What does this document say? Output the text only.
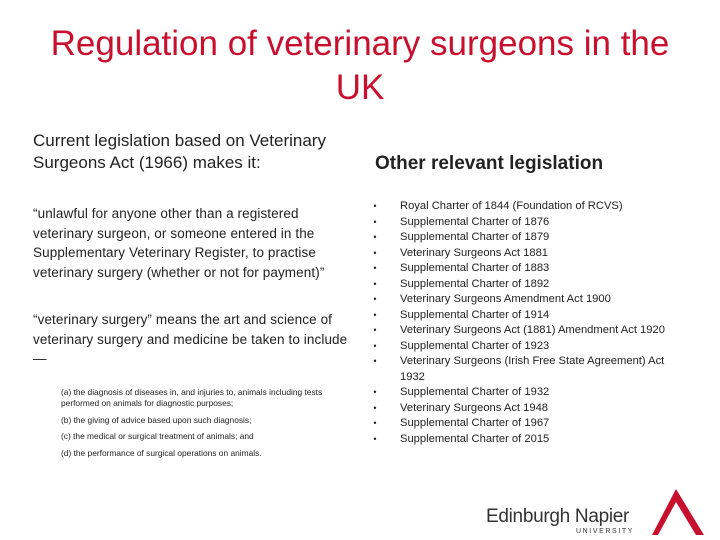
Regulation of veterinary surgeons in the UK

Current legislation based on Veterinary Surgeons Act (1966) makes it:

“unlawful for anyone other than a registered veterinary surgeon, or someone entered in the Supplementary Veterinary Register, to practise veterinary surgery (whether or not for payment)”

“veterinary surgery” means the art and science of veterinary surgery and medicine be taken to include—

(a) the diagnosis of diseases in, and injuries to, animals including tests performed on animals for diagnostic purposes;
(b) the giving of advice based upon such diagnosis;
(c) the medical or surgical treatment of animals; and
(d) the performance of surgical operations on animals.
Other relevant legislation
•	Royal Charter of 1844 (Foundation of RCVS)
•	Supplemental Charter of 1876
•	Supplemental Charter of 1879
•	Veterinary Surgeons Act 1881
•	Supplemental Charter of 1883
•	Supplemental Charter of 1892
•	Veterinary Surgeons Amendment Act 1900
•	Supplemental Charter of 1914
•	Veterinary Surgeons Act (1881) Amendment Act 1920
•	Supplemental Charter of 1923
•	Veterinary Surgeons (Irish Free State Agreement) Act 1932
•	Supplemental Charter of 1932
•	Veterinary Surgeons Act 1948
•	Supplemental Charter of 1967
•	Supplemental Charter of 2015
Edinburgh Napier
UNIVERSITY
